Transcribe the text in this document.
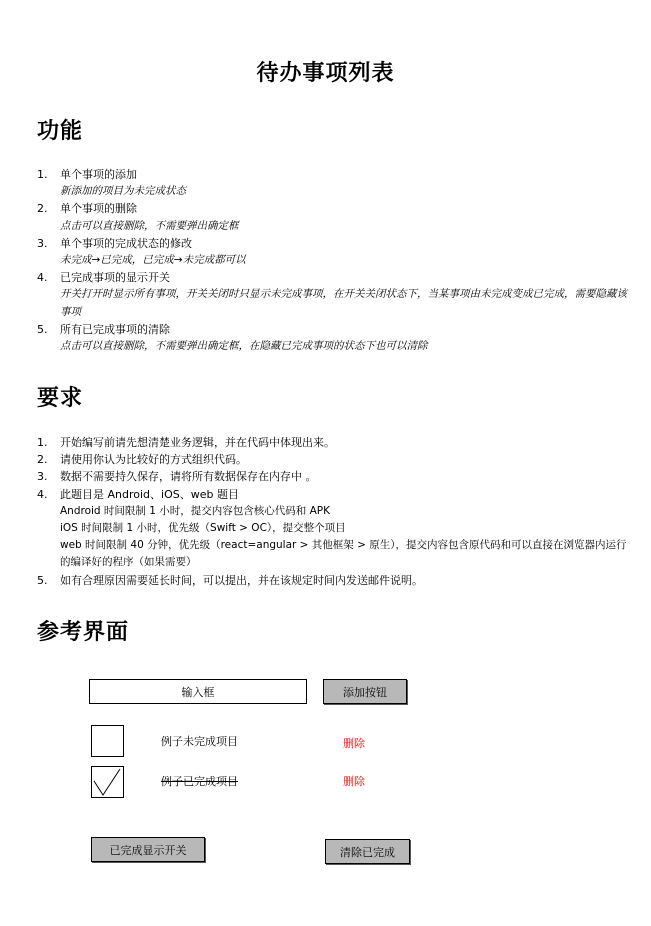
待办事项列表
功能
1. 单个事项的添加
新添加的项目为未完成状态
2. 单个事项的删除
点击可以直接删除，不需要弹出确定框
3. 单个事项的完成状态的修改
未完成→已完成，已完成→未完成都可以
4. 已完成事项的显示开关
开关打开时显示所有事项，开关关闭时只显示未完成事项，在开关关闭状态下，当某事项由未完成变成已完成，需要隐藏该事项
5. 所有已完成事项的清除
点击可以直接删除，不需要弹出确定框，在隐藏已完成事项的状态下也可以清除
要求
1. 开始编写前请先想清楚业务逻辑，并在代码中体现出来。
2. 请使用你认为比较好的方式组织代码。
3. 数据不需要持久保存，请将所有数据保存在内存中 。
4. 此题目是 Android、iOS、web 题目
Android 时间限制 1 小时，提交内容包含核心代码和 APK
iOS 时间限制 1 小时，优先级（Swift > OC），提交整个项目
web 时间限制 40 分钟，优先级（react=angular > 其他框架 > 原生），提交内容包含原代码和可以直接在浏览器内运行的编译好的程序（如果需要）
5. 如有合理原因需要延长时间，可以提出，并在该规定时间内发送邮件说明。
参考界面
输入框	添加按钮
例子未完成项目	删除
例子已完成项目	删除
已完成显示开关	清除已完成
